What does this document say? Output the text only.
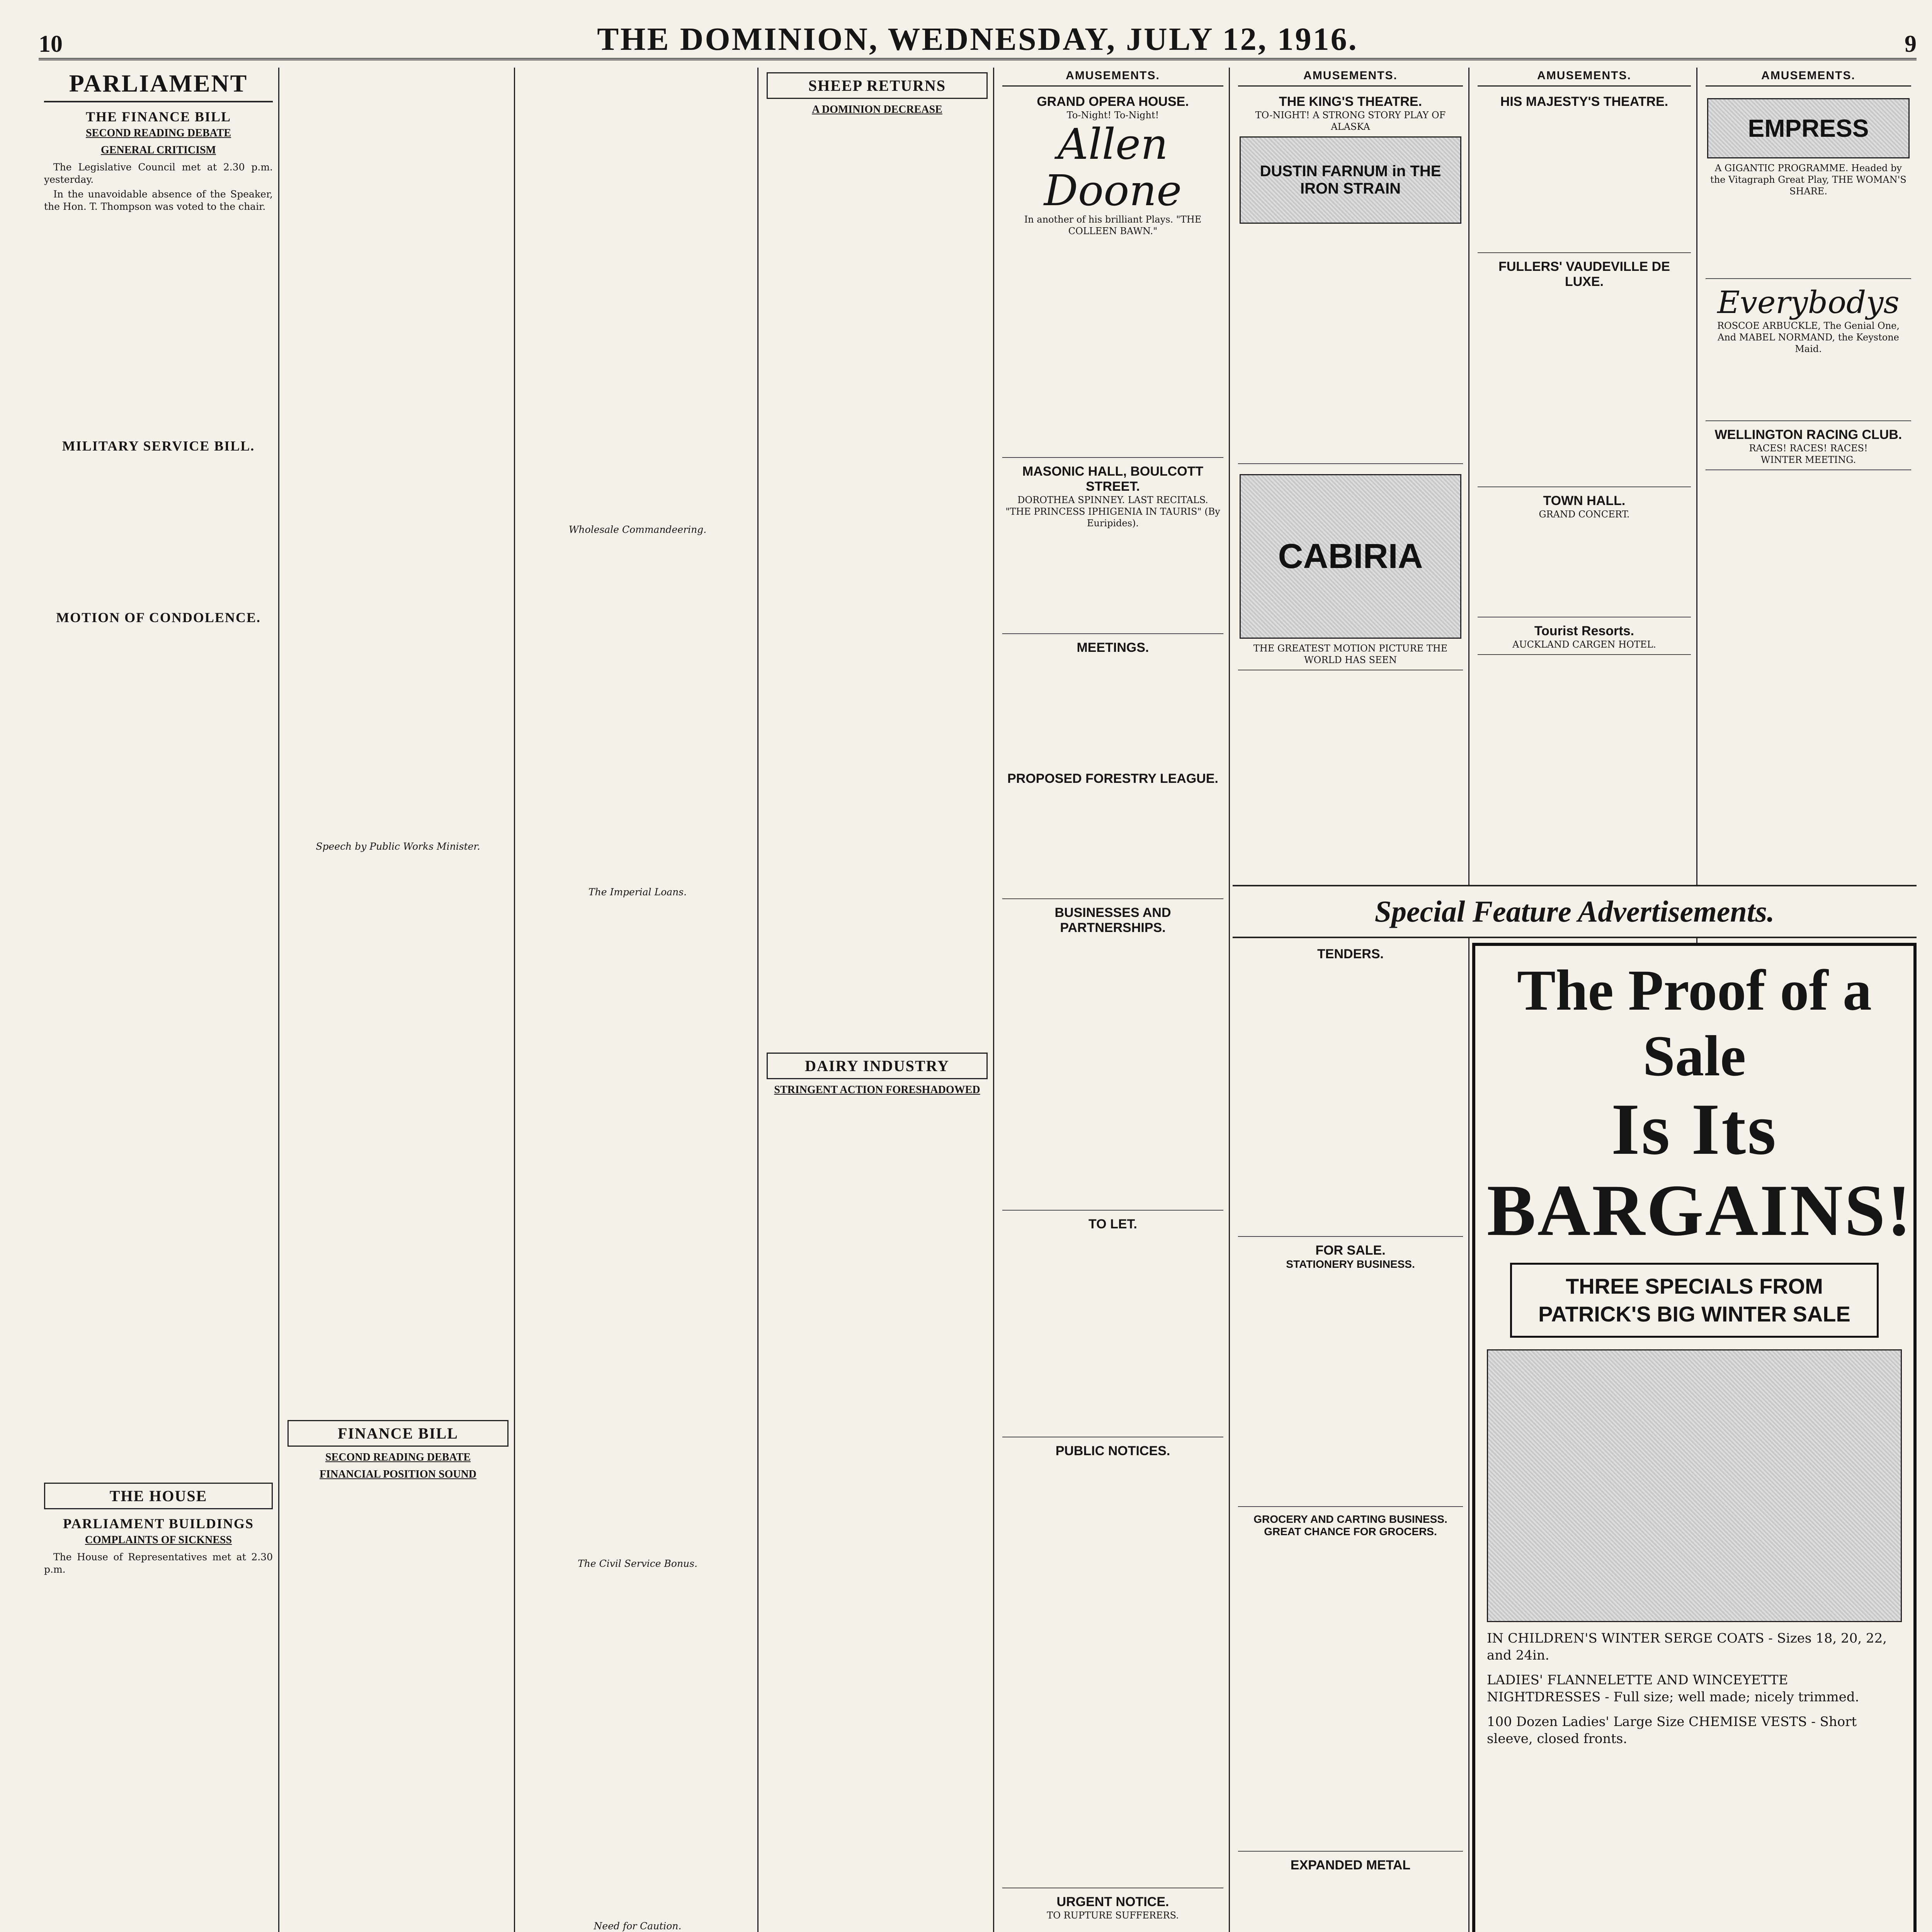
10	THE DOMINION, WEDNESDAY, JULY 12, 1916.	9
PARLIAMENT
THE FINANCE BILL
SECOND READING DEBATE
GENERAL CRITICISM

The Legislative Council met at 2.30 p.m. yesterday.

In the unavoidable absence of the Speaker, the Hon. T. Thompson was voted to the chair.

MILITARY SERVICE BILL.
MOTION OF CONDOLENCE.
THE HOUSE
PARLIAMENT BUILDINGS
COMPLAINTS OF SICKNESS

The House of Representatives met at 2.30 p.m.

Speech by Public Works Minister.

FINANCE BILL
SECOND READING DEBATE
FINANCIAL POSITION SOUND

Wholesale Commandeering.

The Imperial Loans.

The Civil Service Bonus.

Need for Caution.

SHEEP RETURNS
A DOMINION DECREASE
DAIRY INDUSTRY
STRINGENT ACTION FORESHADOWED
AMUSEMENTS.
GRAND OPERA HOUSE.
To-Night! To-Night!
Allen Doone
In another of his brilliant Plays. "THE COLLEEN BAWN."
MASONIC HALL, BOULCOTT STREET.
DOROTHEA SPINNEY. LAST RECITALS.
"THE PRINCESS IPHIGENIA IN TAURIS" (By Euripides).
MEETINGS.
PROPOSED FORESTRY LEAGUE.
BUSINESSES AND PARTNERSHIPS.
TO LET.
PUBLIC NOTICES.
URGENT NOTICE.
TO RUPTURE SUFFERERS.
AMUSEMENTS.
THE KING'S THEATRE.
TO-NIGHT! A STRONG STORY PLAY OF ALASKA
DUSTIN FARNUM in THE IRON STRAIN
CABIRIA
THE GREATEST MOTION PICTURE THE WORLD HAS SEEN
AMUSEMENTS.
HIS MAJESTY'S THEATRE.
FULLERS' VAUDEVILLE DE LUXE.
TOWN HALL.
GRAND CONCERT.
Tourist Resorts.
AUCKLAND CARGEN HOTEL.
AMUSEMENTS.
EMPRESS
A GIGANTIC PROGRAMME. Headed by the Vitagraph Great Play, THE WOMAN'S SHARE.
Everybodys
ROSCOE ARBUCKLE, The Genial One, And MABEL NORMAND, the Keystone Maid.
WELLINGTON RACING CLUB.
RACES! RACES! RACES!
WINTER MEETING.
Special Feature Advertisements.
TENDERS.
FOR SALE.
STATIONERY BUSINESS.
GROCERY AND CARTING BUSINESS.
GREAT CHANCE FOR GROCERS.
EXPANDED METAL
The Proof of a Sale
Is Its BARGAINS!
THREE SPECIALS FROM PATRICK'S BIG WINTER SALE
IN CHILDREN'S WINTER SERGE COATS - Sizes 18, 20, 22, and 24in.
LADIES' FLANNELETTE AND WINCEYETTE NIGHTDRESSES - Full size; well made; nicely trimmed.
100 Dozen Ladies' Large Size CHEMISE VESTS - Short sleeve, closed fronts.
